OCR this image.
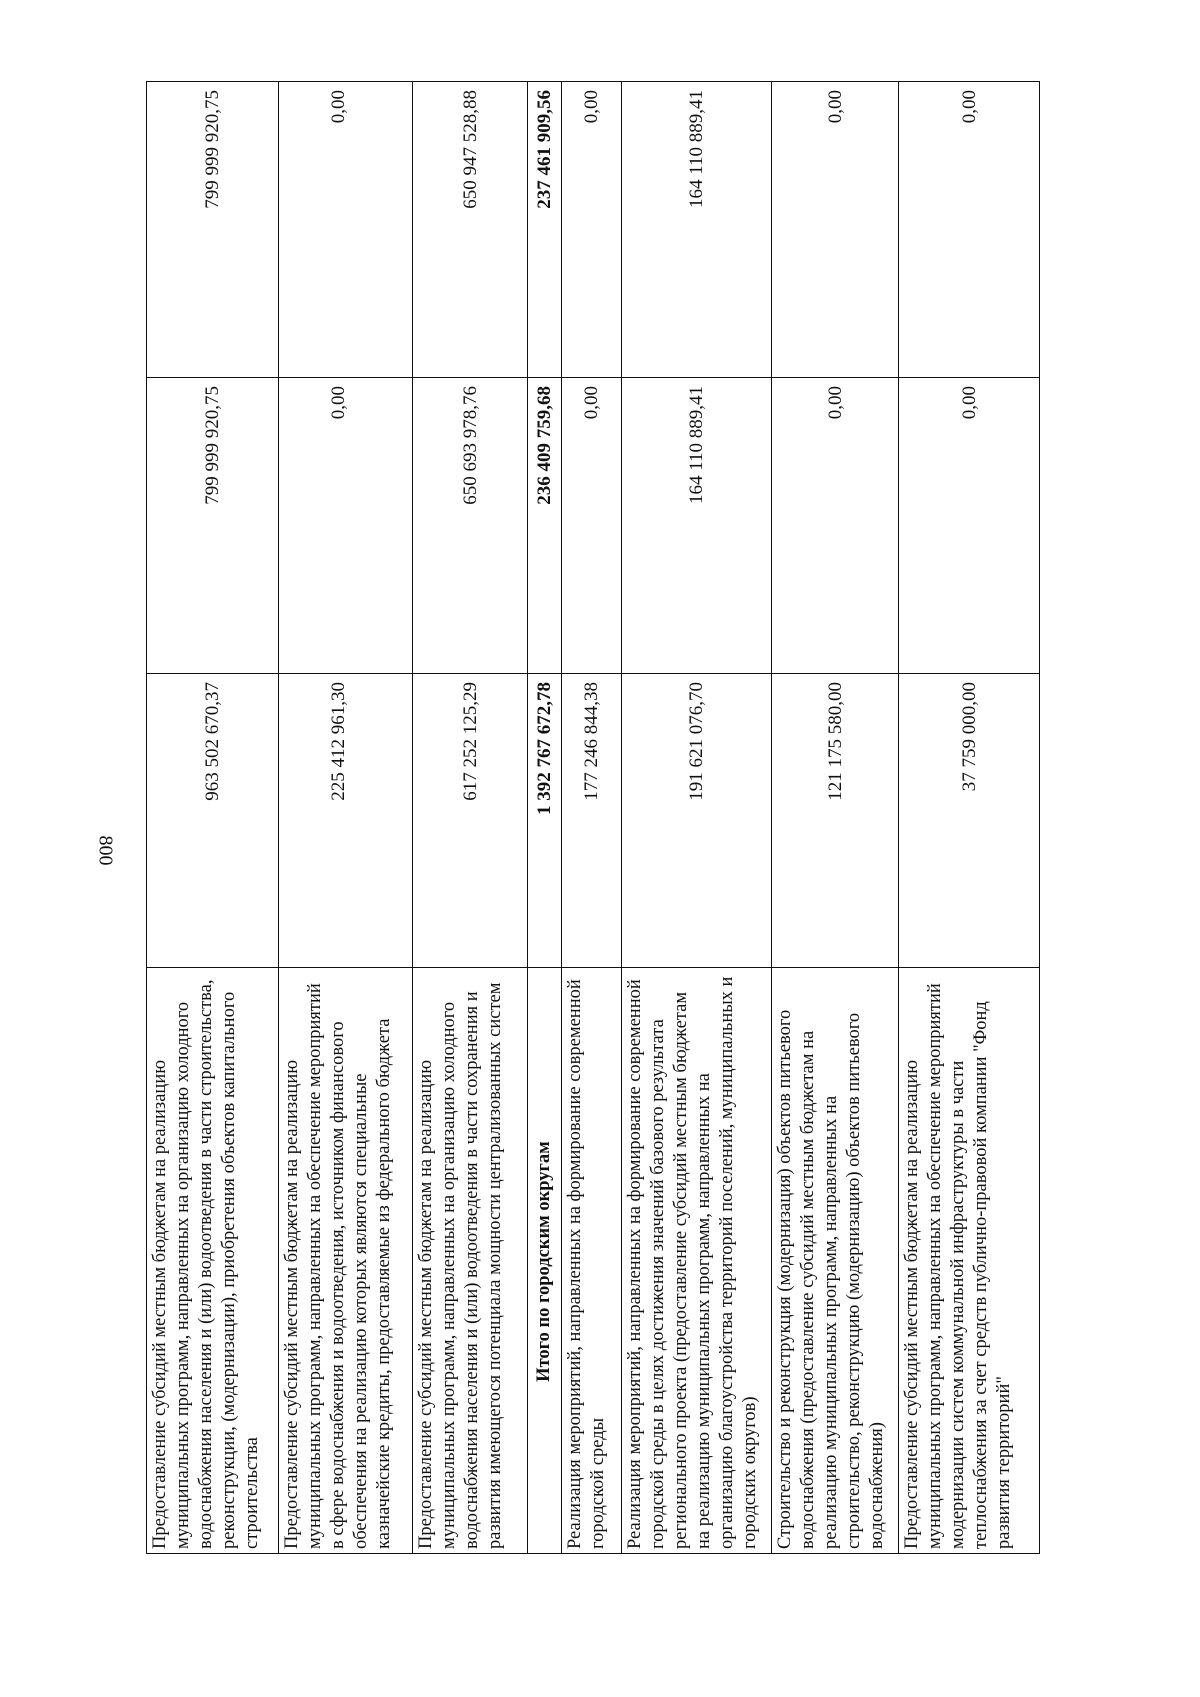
800
Предоставление субсидий местным бюджетам на реализацию муниципальных программ, направленных на организацию холодного водоснабжения населения и (или) водоотведения в части строительства, реконструкции, (модернизации), приобретения объектов капитального строительства	963 502 670,37	799 999 920,75	799 999 920,75
Предоставление субсидий местным бюджетам на реализацию муниципальных программ, направленных на обеспечение мероприятий в сфере водоснабжения и водоотведения, источником финансового обеспечения на реализацию которых являются специальные казначейские кредиты, предоставляемые из федерального бюджета	225 412 961,30	0,00	0,00
Предоставление субсидий местным бюджетам на реализацию муниципальных программ, направленных на организацию холодного водоснабжения населения и (или) водоотведения в части сохранения и развития имеющегося потенциала мощности централизованных систем	617 252 125,29	650 693 978,76	650 947 528,88
Итого по городским округам	1 392 767 672,78	236 409 759,68	237 461 909,56
Реализация мероприятий, направленных на формирование современной городской среды	177 246 844,38	0,00	0,00
Реализация мероприятий, направленных на формирование современной городской среды в целях достижения значений базового результата регионального проекта (предоставление субсидий местным бюджетам на реализацию муниципальных программ, направленных на организацию благоустройства территорий поселений, муниципальных и городских округов)	191 621 076,70	164 110 889,41	164 110 889,41
Строительство и реконструкция (модернизация) объектов питьевого водоснабжения (предоставление субсидий местным бюджетам на реализацию муниципальных программ, направленных на строительство, реконструкцию (модернизацию) объектов питьевого водоснабжения)	121 175 580,00	0,00	0,00
Предоставление субсидий местным бюджетам на реализацию муниципальных программ, направленных на обеспечение мероприятий модернизации систем коммунальной инфраструктуры в части теплоснабжения за счет средств публично-правовой компании "Фонд развития территорий"	37 759 000,00	0,00	0,00
